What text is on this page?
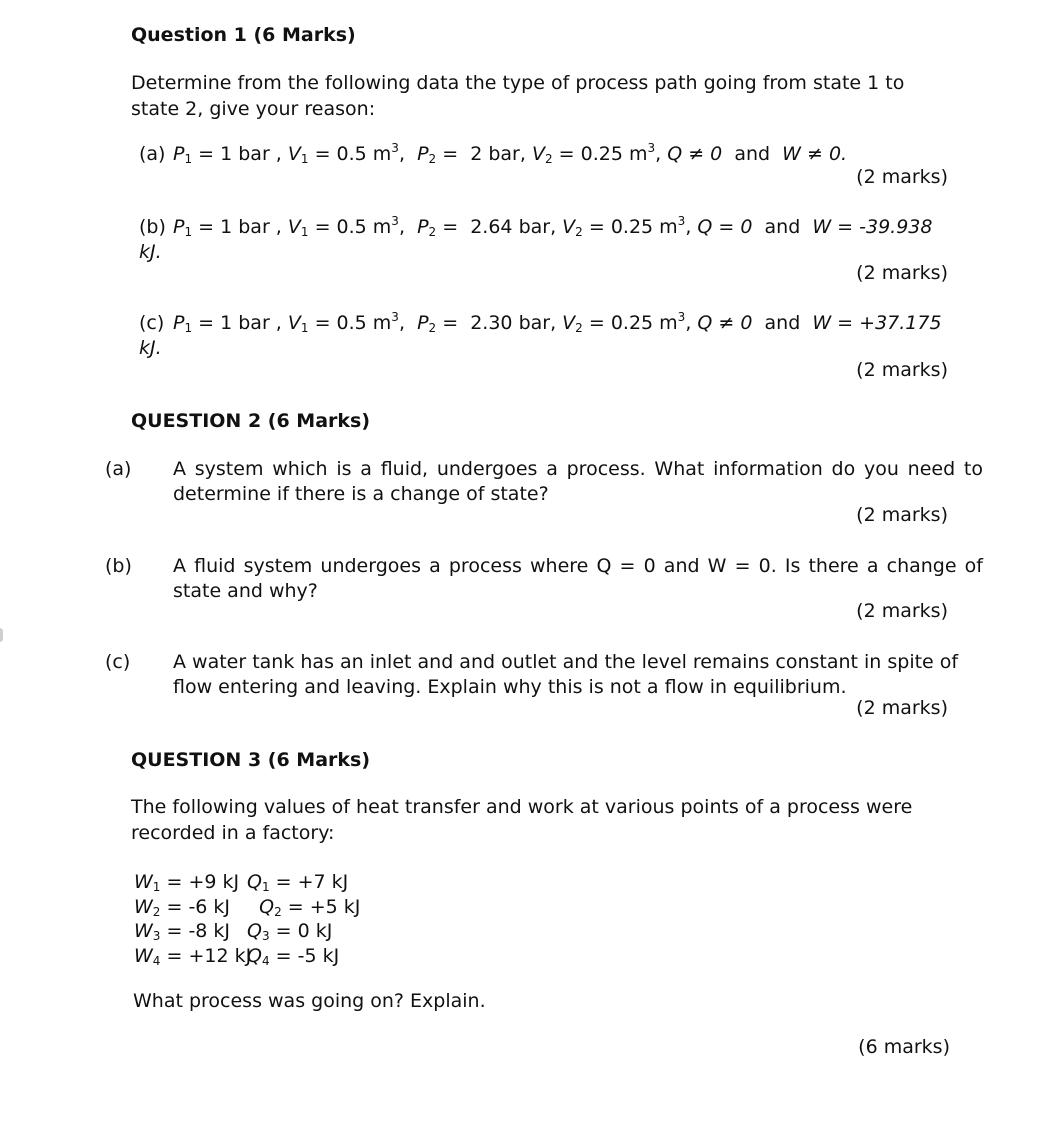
Question 1 (6 Marks)
Determine from the following data the type of process path going from state 1 to state 2, give your reason:
(a) $P_1 = 1$ bar , $V_1 = 0.5$ $m^3$,  $P_2 = 2$ bar, $V_2 = 0.25$ $m^3$, Q ≠ 0  and  W ≠ 0.
(2 marks)
(b) $P_1 = 1$ bar , $V_1 = 0.5$ $m^3$,  $P_2 = 2.64$ bar, $V_2 = 0.25$ $m^3$, Q = 0  and  W = -39.938 kJ.
(2 marks)
(c) $P_1 = 1$ bar , $V_1 = 0.5$ $m^3$,  $P_2 = 2.30$ bar, $V_2 = 0.25$ $m^3$, Q ≠ 0  and  W = +37.175 kJ.
(2 marks)
QUESTION 2 (6 Marks)
(a) A system which is a fluid, undergoes a process. What information do you need to determine if there is a change of state?
(2 marks)
(b) A fluid system undergoes a process where Q = 0 and W = 0. Is there a change of state and why?
(2 marks)
(c) A water tank has an inlet and and outlet and the level remains constant in spite of flow entering and leaving. Explain why this is not a flow in equilibrium.
(2 marks)
QUESTION 3 (6 Marks)
The following values of heat transfer and work at various points of a process were recorded in a factory:
$W_1 = +9$ kJ $Q_1 = +7$ kJ
$W_2 = -6$ kJ $Q_2 = +5$ kJ
$W_3 = -8$ kJ $Q_3 = 0$ kJ
$W_4 = +12$ kJQ$_4$ = -5 kJ
What process was going on? Explain.
(6 marks)
